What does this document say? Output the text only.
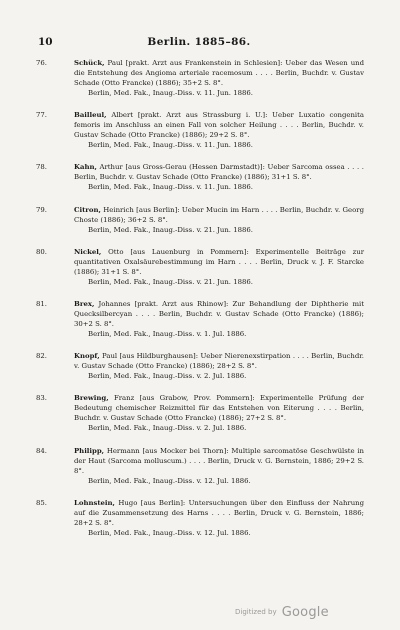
10	Berlin. 1885–86.
76.	Schück, Paul [prakt. Arzt aus Frankenstein in Schlesien]: Ueber das Wesen und die Entstehung des Angioma arteriale racemosum . . . . Berlin, Buchdr. v. Gustav Schade (Otto Francke) (1886); 35+2 S. 8°.
Berlin, Med. Fak., Inaug.-Diss. v. 11. Jun. 1886.
77.	Bailleul, Albert [prakt. Arzt aus Strassburg i. U.]: Ueber Luxatio congenita femoris im Anschluss an einen Fall von solcher Heilung . . . . Berlin, Buchdr. v. Gustav Schade (Otto Francke) (1886); 29+2 S. 8°.
Berlin, Med. Fak., Inaug.-Diss. v. 11. Jun. 1886.
78.	Kahn, Arthur [aus Gross-Gerau (Hessen Darmstadt)]: Ueber Sarcoma ossea . . . . Berlin, Buchdr. v. Gustav Schade (Otto Francke) (1886); 31+1 S. 8°.
Berlin, Med. Fak., Inaug.-Diss. v. 11. Jun. 1886.
79.	Citron, Heinrich [aus Berlin]: Ueber Mucin im Harn . . . . Berlin, Buchdr. v. Georg Choste (1886); 36+2 S. 8°.
Berlin, Med. Fak., Inaug.-Diss. v. 21. Jun. 1886.
80.	Nickel, Otto [aus Lauenburg in Pommern]: Experimentelle Beiträge zur quantitativen Oxalsäurebestimmung im Harn . . . . Berlin, Druck v. J. F. Starcke (1886); 31+1 S. 8°.
Berlin, Med. Fak., Inaug.-Diss. v. 21. Jun. 1886.
81.	Brex, Johannes [prakt. Arzt aus Rhinow]: Zur Behandlung der Diphtherie mit Quecksilbercyan . . . . Berlin, Buchdr. v. Gustav Schade (Otto Francke) (1886); 30+2 S. 8°.
Berlin, Med. Fak., Inaug.-Diss. v. 1. Jul. 1886.
82.	Knopf, Paul [aus Hildburghausen]: Ueber Nierenexstirpation . . . . Berlin, Buchdr. v. Gustav Schade (Otto Francke) (1886); 28+2 S. 8°.
Berlin, Med. Fak., Inaug.-Diss. v. 2. Jul. 1886.
83.	Brewing, Franz [aus Grabow, Prov. Pommern]: Experimentelle Prüfung der Bedeutung chemischer Reizmittel für das Entstehen von Eiterung . . . . Berlin, Buchdr. v. Gustav Schade (Otto Francke) (1886); 27+2 S. 8°.
Berlin, Med. Fak., Inaug.-Diss. v. 2. Jul. 1886.
84.	Philipp, Hermann [aus Mocker bei Thorn]: Multiple sarcomatöse Geschwülste in der Haut (Sarcoma molluscum.) . . . . Berlin, Druck v. G. Bernstein, 1886; 29+2 S. 8°.
Berlin, Med. Fak., Inaug.-Diss. v. 12. Jul. 1886.
85.	Lohnstein, Hugo [aus Berlin]: Untersuchungen über den Einfluss der Nahrung auf die Zusammensetzung des Harns . . . . Berlin, Druck v. G. Bernstein, 1886; 28+2 S. 8°.
Berlin, Med. Fak., Inaug.-Diss. v. 12. Jul. 1886.
Digitized by Google
